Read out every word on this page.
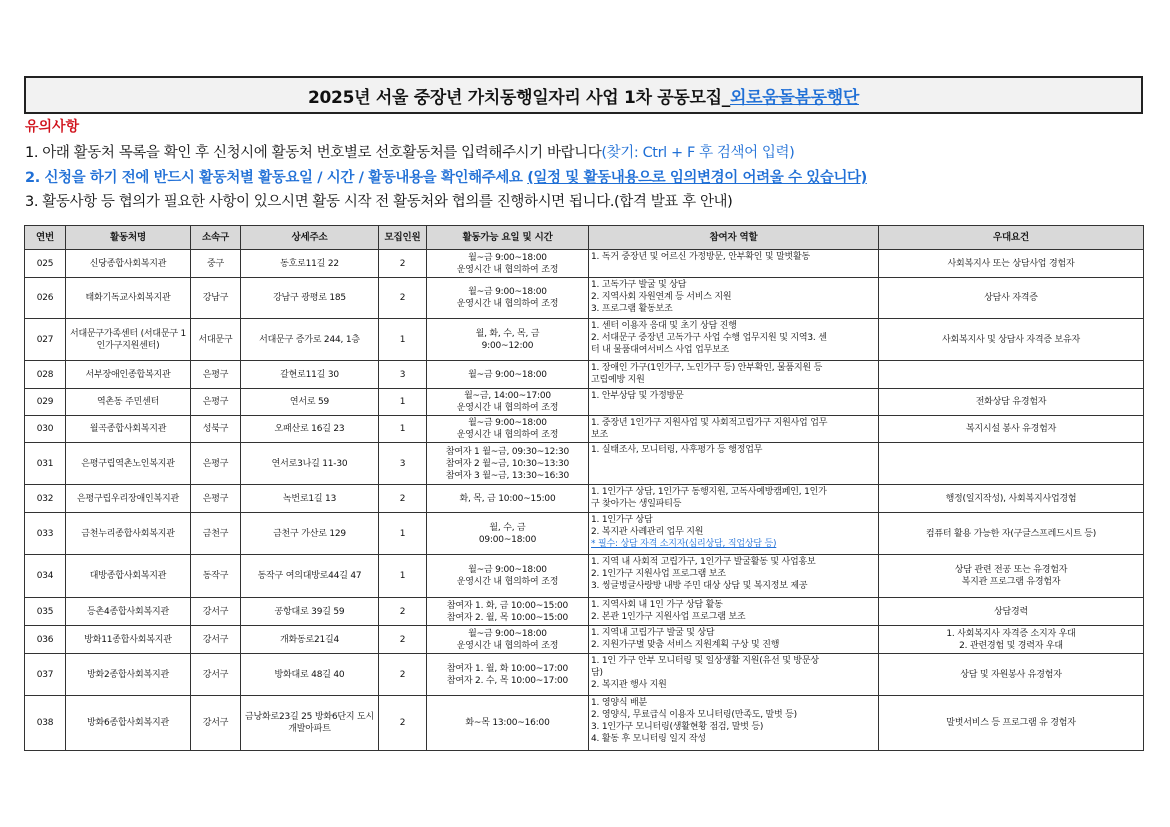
2025년 서울 중장년 가치동행일자리 사업 1차 공동모집_ 외로움돌봄동행단
유의사항
1. 아래 활동처 목록을 확인 후 신청시에 활동처 번호별로 선호활동처를 입력해주시기 바랍니다(찾기: Ctrl + F 후 검색어 입력)
2. 신청을 하기 전에 반드시 활동처별 활동요일 / 시간 / 활동내용을 확인해주세요 (일정 및 활동내용으로 임의변경이 어려울 수 있습니다)
3. 활동사항 등 협의가 필요한 사항이 있으시면 활동 시작 전 활동처와 협의를 진행하시면 됩니다.(합격 발표 후 안내)
연번	활동처명	소속구	상세주소	모집인원	활동가능 요일 및 시간	참여자 역할	우대요건
025	신당종합사회복지관	중구	동호로11길 22	2	월~금 9:00~18:00
운영시간 내 협의하여 조정	1. 독거 중장년 및 어르신 가정방문, 안부확인 및 말벗활동	사회복지사 또는 상담사업 경험자

026	태화기독교사회복지관	강남구	강남구 광평로 185	2	월~금 9:00~18:00
운영시간 내 협의하여 조정	1. 고독가구 발굴 및 상담
2. 지역사회 자원연계 등 서비스 지원
3. 프로그램 활동보조	상담사 자격증

027	서대문구가족센터 (서대문구 1인가구지원센터)	서대문구	서대문구 증가로 244, 1층	1	월, 화, 수, 목, 금
9:00~12:00	1. 센터 이용자 응대 및 초기 상담 진행
2. 서대문구 중장년 고독가구 사업 수행 업무지원 및 지역3. 센
터 내 물품대여서비스 사업 업무보조	사회복지사 및 상담사 자격증 보유자

028	서부장애인종합복지관	은평구	갈현로11길 30	3	월~금 9:00~18:00	1. 장애인 가구(1인가구, 노인가구 등) 안부확인, 물품지원 등
고립예방 지원	

029	역촌동 주민센터	은평구	연서로 59	1	월~금, 14:00~17:00
운영시간 내 협의하여 조정	1. 안부상담 및 가정방문	전화상담 유경험자

030	월곡종합사회복지관	성북구	오패산로 16길 23	1	월~금 9:00~18:00
운영시간 내 협의하여 조정	1. 중장년 1인가구 지원사업 및 사회적고립가구 지원사업 업무
보조	복지시설 봉사 유경험자

031	은평구립역촌노인복지관	은평구	연서로3나길 11-30	3	참여자 1 월~금, 09:30~12:30
참여자 2 월~금, 10:30~13:30
참여자 3 월~금, 13:30~16:30	1. 실태조사, 모니터링, 사후평가 등 행정업무	

032	은평구립우리장애인복지관	은평구	녹번로1길 13	2	화, 목, 금 10:00~15:00	1. 1인가구 상담, 1인가구 동행지원, 고독사예방캠페인, 1인가
구 찾아가는 생일파티등	행정(일지작성), 사회복지사업경험

033	금천누리종합사회복지관	금천구	금천구 가산로 129	1	월, 수, 금
09:00~18:00	1. 1인가구 상담
2. 복지관 사례관리 업무 지원
* 필수: 상담 자격 소지자(심리상담, 직업상담 등)	컴퓨터 활용 가능한 자(구글스프레드시트 등)

034	대방종합사회복지관	동작구	동작구 여의대방로44길 47	1	월~금 9:00~18:00
운영시간 내 협의하여 조정	1. 지역 내 사회적 고립가구, 1인가구 발굴활동 및 사업홍보
2. 1인가구 지원사업 프로그램 보조
3. 씽글벙글사랑방 내방 주민 대상 상담 및 복지정보 제공	상담 관련 전공 또는 유경험자
복지관 프로그램 유경험자

035	등촌4종합사회복지관	강서구	공항대로 39길 59	2	참여자 1. 화, 금 10:00~15:00
참여자 2. 월, 목 10:00~15:00	1. 지역사회 내 1인 가구 상담 활동
2. 본관 1인가구 지원사업 프로그램 보조	상담경력

036	방화11종합사회복지관	강서구	개화동로21길4	2	월~금 9:00~18:00
운영시간 내 협의하여 조정	1. 지역내 고립가구 발굴 및 상담
2. 지원가구별 맞춤 서비스 지원계획 구상 및 진행	1. 사회복지사 자격증 소지자 우대
2. 관련경험 및 경력자 우대

037	방화2종합사회복지관	강서구	방화대로 48길 40	2	참여자 1. 월, 화 10:00~17:00
참여자 2. 수, 목 10:00~17:00	1. 1인 가구 안부 모니터링 및 일상생활 지원(유선 및 방문상
담)
2. 복지관 행사 지원	상담 및 자원봉사 유경험자

038	방화6종합사회복지관	강서구	금낭화로23길 25 방화6단지 도시개발아파트	2	화~목 13:00~16:00	1. 영양식 배분
2. 영양식, 무료급식 이용자 모니터링(만족도, 말벗 등)
3. 1인가구 모니터링(생활현황 점검, 말벗 등)
4. 활동 후 모니터링 일지 작성	말벗서비스 등 프로그램 유 경험자
